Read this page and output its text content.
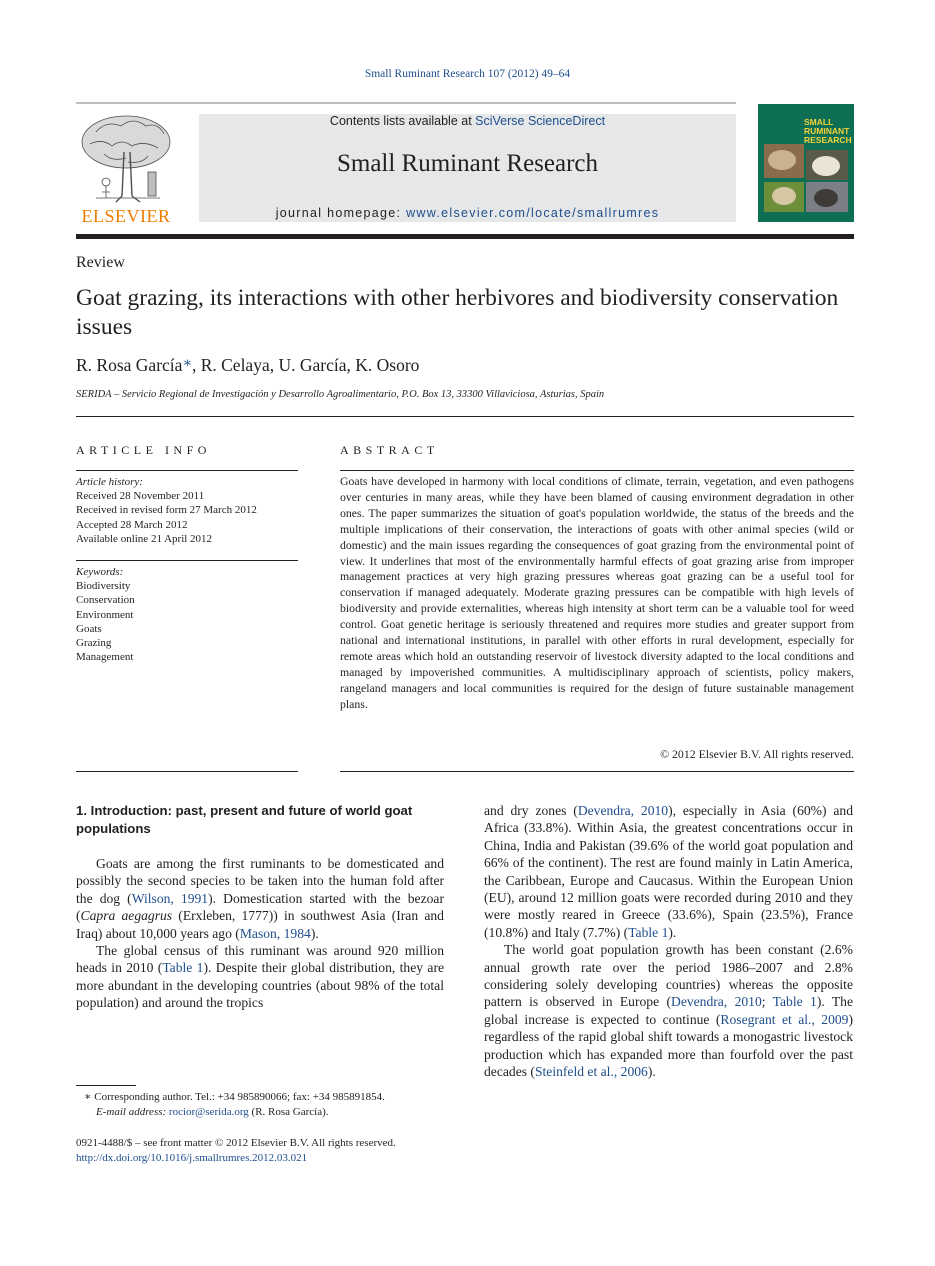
Small Ruminant Research 107 (2012) 49–64
ELSEVIER
Contents lists available at SciVerse ScienceDirect
Small Ruminant Research
journal homepage: www.elsevier.com/locate/smallrumres
SMALL RUMINANT RESEARCH
Review
Goat grazing, its interactions with other herbivores and biodiversity conservation issues
R. Rosa García∗, R. Celaya, U. García, K. Osoro
SERIDA – Servicio Regional de Investigación y Desarrollo Agroalimentario, P.O. Box 13, 33300 Villaviciosa, Asturias, Spain
ARTICLE INFO
Article history:
Received 28 November 2011
Received in revised form 27 March 2012
Accepted 28 March 2012
Available online 21 April 2012
Keywords:
Biodiversity
Conservation
Environment
Goats
Grazing
Management
ABSTRACT
Goats have developed in harmony with local conditions of climate, terrain, vegetation, and even pathogens over centuries in many areas, while they have been blamed of causing environment degradation in other ones. The paper summarizes the situation of goat's population worldwide, the status of the breeds and the multiple implications of their conservation, the interactions of goats with other animal species (wild or domestic) and the main issues regarding the consequences of goat grazing from the environmental point of view. It underlines that most of the environmentally harmful effects of goat grazing arise from improper management practices at very high grazing pressures whereas goat grazing can be a useful tool for conservation if managed adequately. Moderate grazing pressures can be compatible with high levels of biodiversity and provide externalities, whereas high intensity at short term can be a valuable tool for weed control. Goat genetic heritage is seriously threatened and requires more studies and greater support from national and international institutions, in parallel with other efforts in rural development, especially for remote areas which hold an outstanding reservoir of livestock diversity adapted to the local conditions and managed by impoverished communities. A multidisciplinary approach of scientists, policy makers, rangeland managers and local communities is required for the design of future sustainable management plans.
© 2012 Elsevier B.V. All rights reserved.
1. Introduction: past, present and future of world goat populations

Goats are among the first ruminants to be domesticated and possibly the second species to be taken into the human fold after the dog (Wilson, 1991). Domestication started with the bezoar (Capra aegagrus (Erxleben, 1777)) in southwest Asia (Iran and Iraq) about 10,000 years ago (Mason, 1984).

The global census of this ruminant was around 920 million heads in 2010 (Table 1). Despite their global distribution, they are more abundant in the developing countries (about 98% of the total population) and around the tropics

and dry zones (Devendra, 2010), especially in Asia (60%) and Africa (33.8%). Within Asia, the greatest concentrations occur in China, India and Pakistan (39.6% of the world goat population and 66% of the continent). The rest are found mainly in Latin America, the Caribbean, Europe and Caucasus. Within the European Union (EU), around 12 million goats were recorded during 2010 and they were mostly reared in Greece (33.6%), Spain (23.5%), France (10.8%) and Italy (7.7%) (Table 1).

The world goat population growth has been constant (2.6% annual growth rate over the period 1986–2007 and 2.8% considering solely developing countries) whereas the opposite pattern is observed in Europe (Devendra, 2010; Table 1). The global increase is expected to continue (Rosegrant et al., 2009) regardless of the rapid global shift towards a monogastric livestock production which has expanded more than fourfold over the past decades (Steinfeld et al., 2006).

∗ Corresponding author. Tel.: +34 985890066; fax: +34 985891854.
E-mail address: rocior@serida.org (R. Rosa García).
0921-4488/$ – see front matter © 2012 Elsevier B.V. All rights reserved.
http://dx.doi.org/10.1016/j.smallrumres.2012.03.021
